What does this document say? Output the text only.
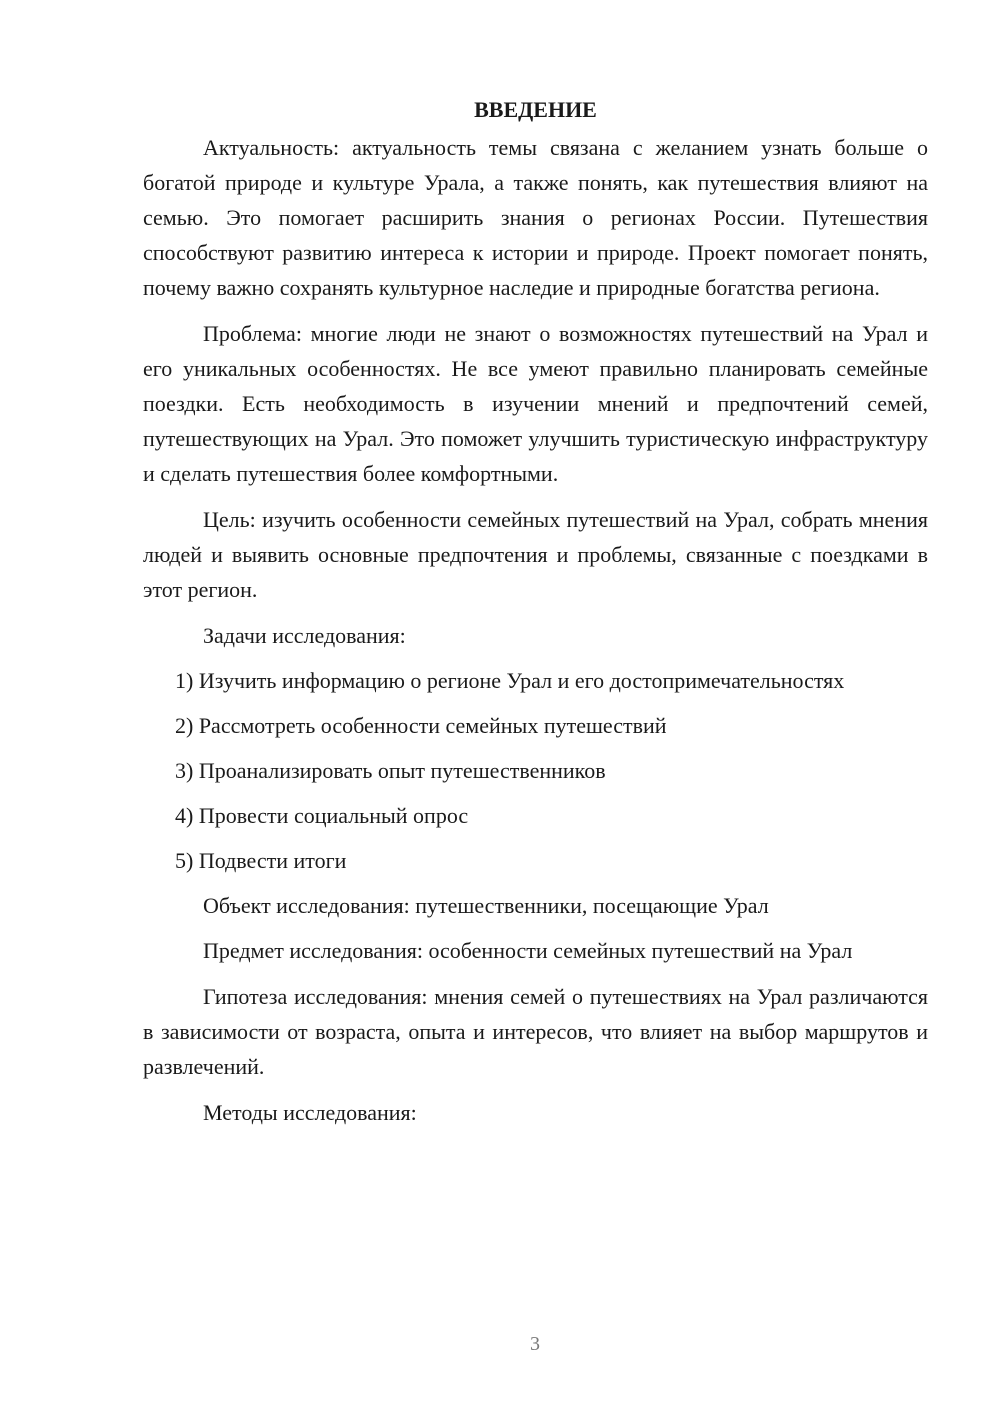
ВВЕДЕНИЕ

Актуальность: актуальность темы связана с желанием узнать больше о богатой природе и культуре Урала, а также понять, как путешествия влияют на семью. Это помогает расширить знания о регионах России. Путешествия способствуют развитию интереса к истории и природе. Проект помогает понять, почему важно сохранять культурное наследие и природные богатства региона.

Проблема: многие люди не знают о возможностях путешествий на Урал и его уникальных особенностях. Не все умеют правильно планировать семейные поездки. Есть необходимость в изучении мнений и предпочтений семей, путешествующих на Урал. Это поможет улучшить туристическую инфраструктуру и сделать путешествия более комфортными.

Цель: изучить особенности семейных путешествий на Урал, собрать мнения людей и выявить основные предпочтения и проблемы, связанные с поездками в этот регион.

Задачи исследования:

1) Изучить информацию о регионе Урал и его достопримечательностях

2) Рассмотреть особенности семейных путешествий

3) Проанализировать опыт путешественников

4) Провести социальный опрос

5) Подвести итоги

Объект исследования: путешественники, посещающие Урал

Предмет исследования: особенности семейных путешествий на Урал

Гипотеза исследования: мнения семей о путешествиях на Урал различаются в зависимости от возраста, опыта и интересов, что влияет на выбор маршрутов и развлечений.

Методы исследования:

3
